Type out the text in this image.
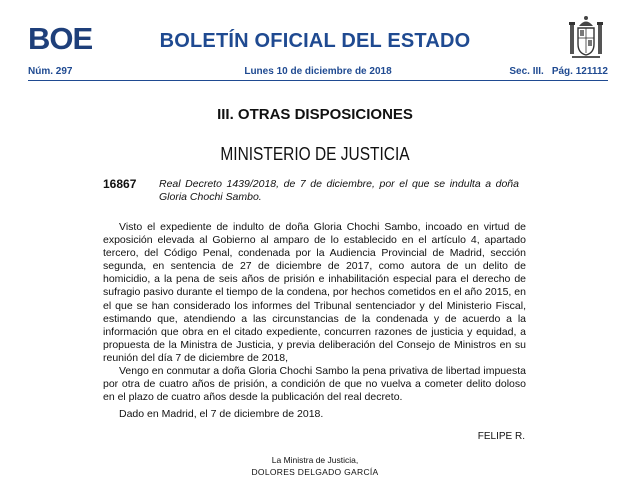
BOE	BOLETÍN OFICIAL DEL ESTADO
Núm. 297	Lunes 10 de diciembre de 2018	Sec. III. Pág. 121112
III. OTRAS DISPOSICIONES
MINISTERIO DE JUSTICIA
16867 Real Decreto 1439/2018, de 7 de diciembre, por el que se indulta a doña Gloria Chochi Sambo.

Visto el expediente de indulto de doña Gloria Chochi Sambo, incoado en virtud de exposición elevada al Gobierno al amparo de lo establecido en el artículo 4, apartado tercero, del Código Penal, condenada por la Audiencia Provincial de Madrid, sección segunda, en sentencia de 27 de diciembre de 2017, como autora de un delito de homicidio, a la pena de seis años de prisión e inhabilitación especial para el derecho de sufragio pasivo durante el tiempo de la condena, por hechos cometidos en el año 2015, en el que se han considerado los informes del Tribunal sentenciador y del Ministerio Fiscal, estimando que, atendiendo a las circunstancias de la condenada y de acuerdo a la información que obra en el citado expediente, concurren razones de justicia y equidad, a propuesta de la Ministra de Justicia, y previa deliberación del Consejo de Ministros en su reunión del día 7 de diciembre de 2018,

Vengo en conmutar a doña Gloria Chochi Sambo la pena privativa de libertad impuesta por otra de cuatro años de prisión, a condición de que no vuelva a cometer delito doloso en el plazo de cuatro años desde la publicación del real decreto.

Dado en Madrid, el 7 de diciembre de 2018.
FELIPE R.
La Ministra de Justicia,
DOLORES DELGADO GARCÍA
